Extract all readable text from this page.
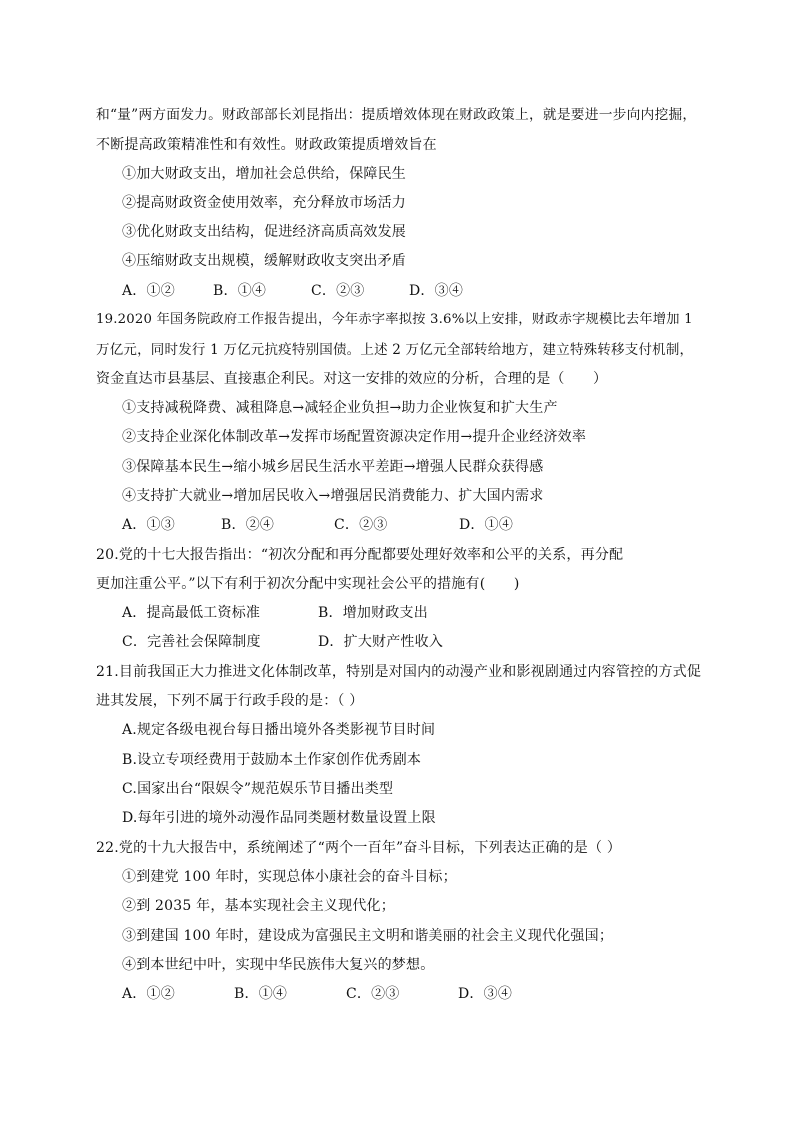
和“量”两方面发力。财政部部长刘昆指出：提质增效体现在财政政策上，就是要进一步向内挖掘，
不断提高政策精准性和有效性。财政政策提质增效旨在
①加大财政支出，增加社会总供给，保障民生
②提高财政资金使用效率，充分释放市场活力
③优化财政支出结构，促进经济高质高效发展
④压缩财政支出规模，缓解财政收支突出矛盾
A．①②	B．①④	C．②③	D．③④
19.2020 年国务院政府工作报告提出，今年赤字率拟按 3.6%以上安排，财政赤字规模比去年增加 1
万亿元，同时发行 1 万亿元抗疫特别国债。上述 2 万亿元全部转给地方，建立特殊转移支付机制，
资金直达市县基层、直接惠企利民。对这一安排的效应的分析，合理的是（　　）
①支持减税降费、减租降息→减轻企业负担→助力企业恢复和扩大生产
②支持企业深化体制改革→发挥市场配置资源决定作用→提升企业经济效率
③保障基本民生→缩小城乡居民生活水平差距→增强人民群众获得感
④支持扩大就业→增加居民收入→增强居民消费能力、扩大国内需求
A．①③	B．②④	C．②③	D．①④
20.党的十七大报告指出：“初次分配和再分配都要处理好效率和公平的关系，再分配
更加注重公平。”以下有利于初次分配中实现社会公平的措施有(　　)
A．提高最低工资标准	B．增加财政支出
C．完善社会保障制度	D．扩大财产性收入
21.目前我国正大力推进文化体制改革，特别是对国内的动漫产业和影视剧通过内容管控的方式促
进其发展，下列不属于行政手段的是：（ ）
A.规定各级电视台每日播出境外各类影视节目时间
B.设立专项经费用于鼓励本土作家创作优秀剧本
C.国家出台“限娱令”规范娱乐节目播出类型
D.每年引进的境外动漫作品同类题材数量设置上限
22.党的十九大报告中，系统阐述了“两个一百年”奋斗目标，下列表达正确的是（ ）
①到建党 100 年时，实现总体小康社会的奋斗目标；
②到 2035 年，基本实现社会主义现代化；
③到建国 100 年时，建设成为富强民主文明和谐美丽的社会主义现代化强国；
④到本世纪中叶，实现中华民族伟大复兴的梦想。
A．①②	B．①④	C．②③	D．③④
